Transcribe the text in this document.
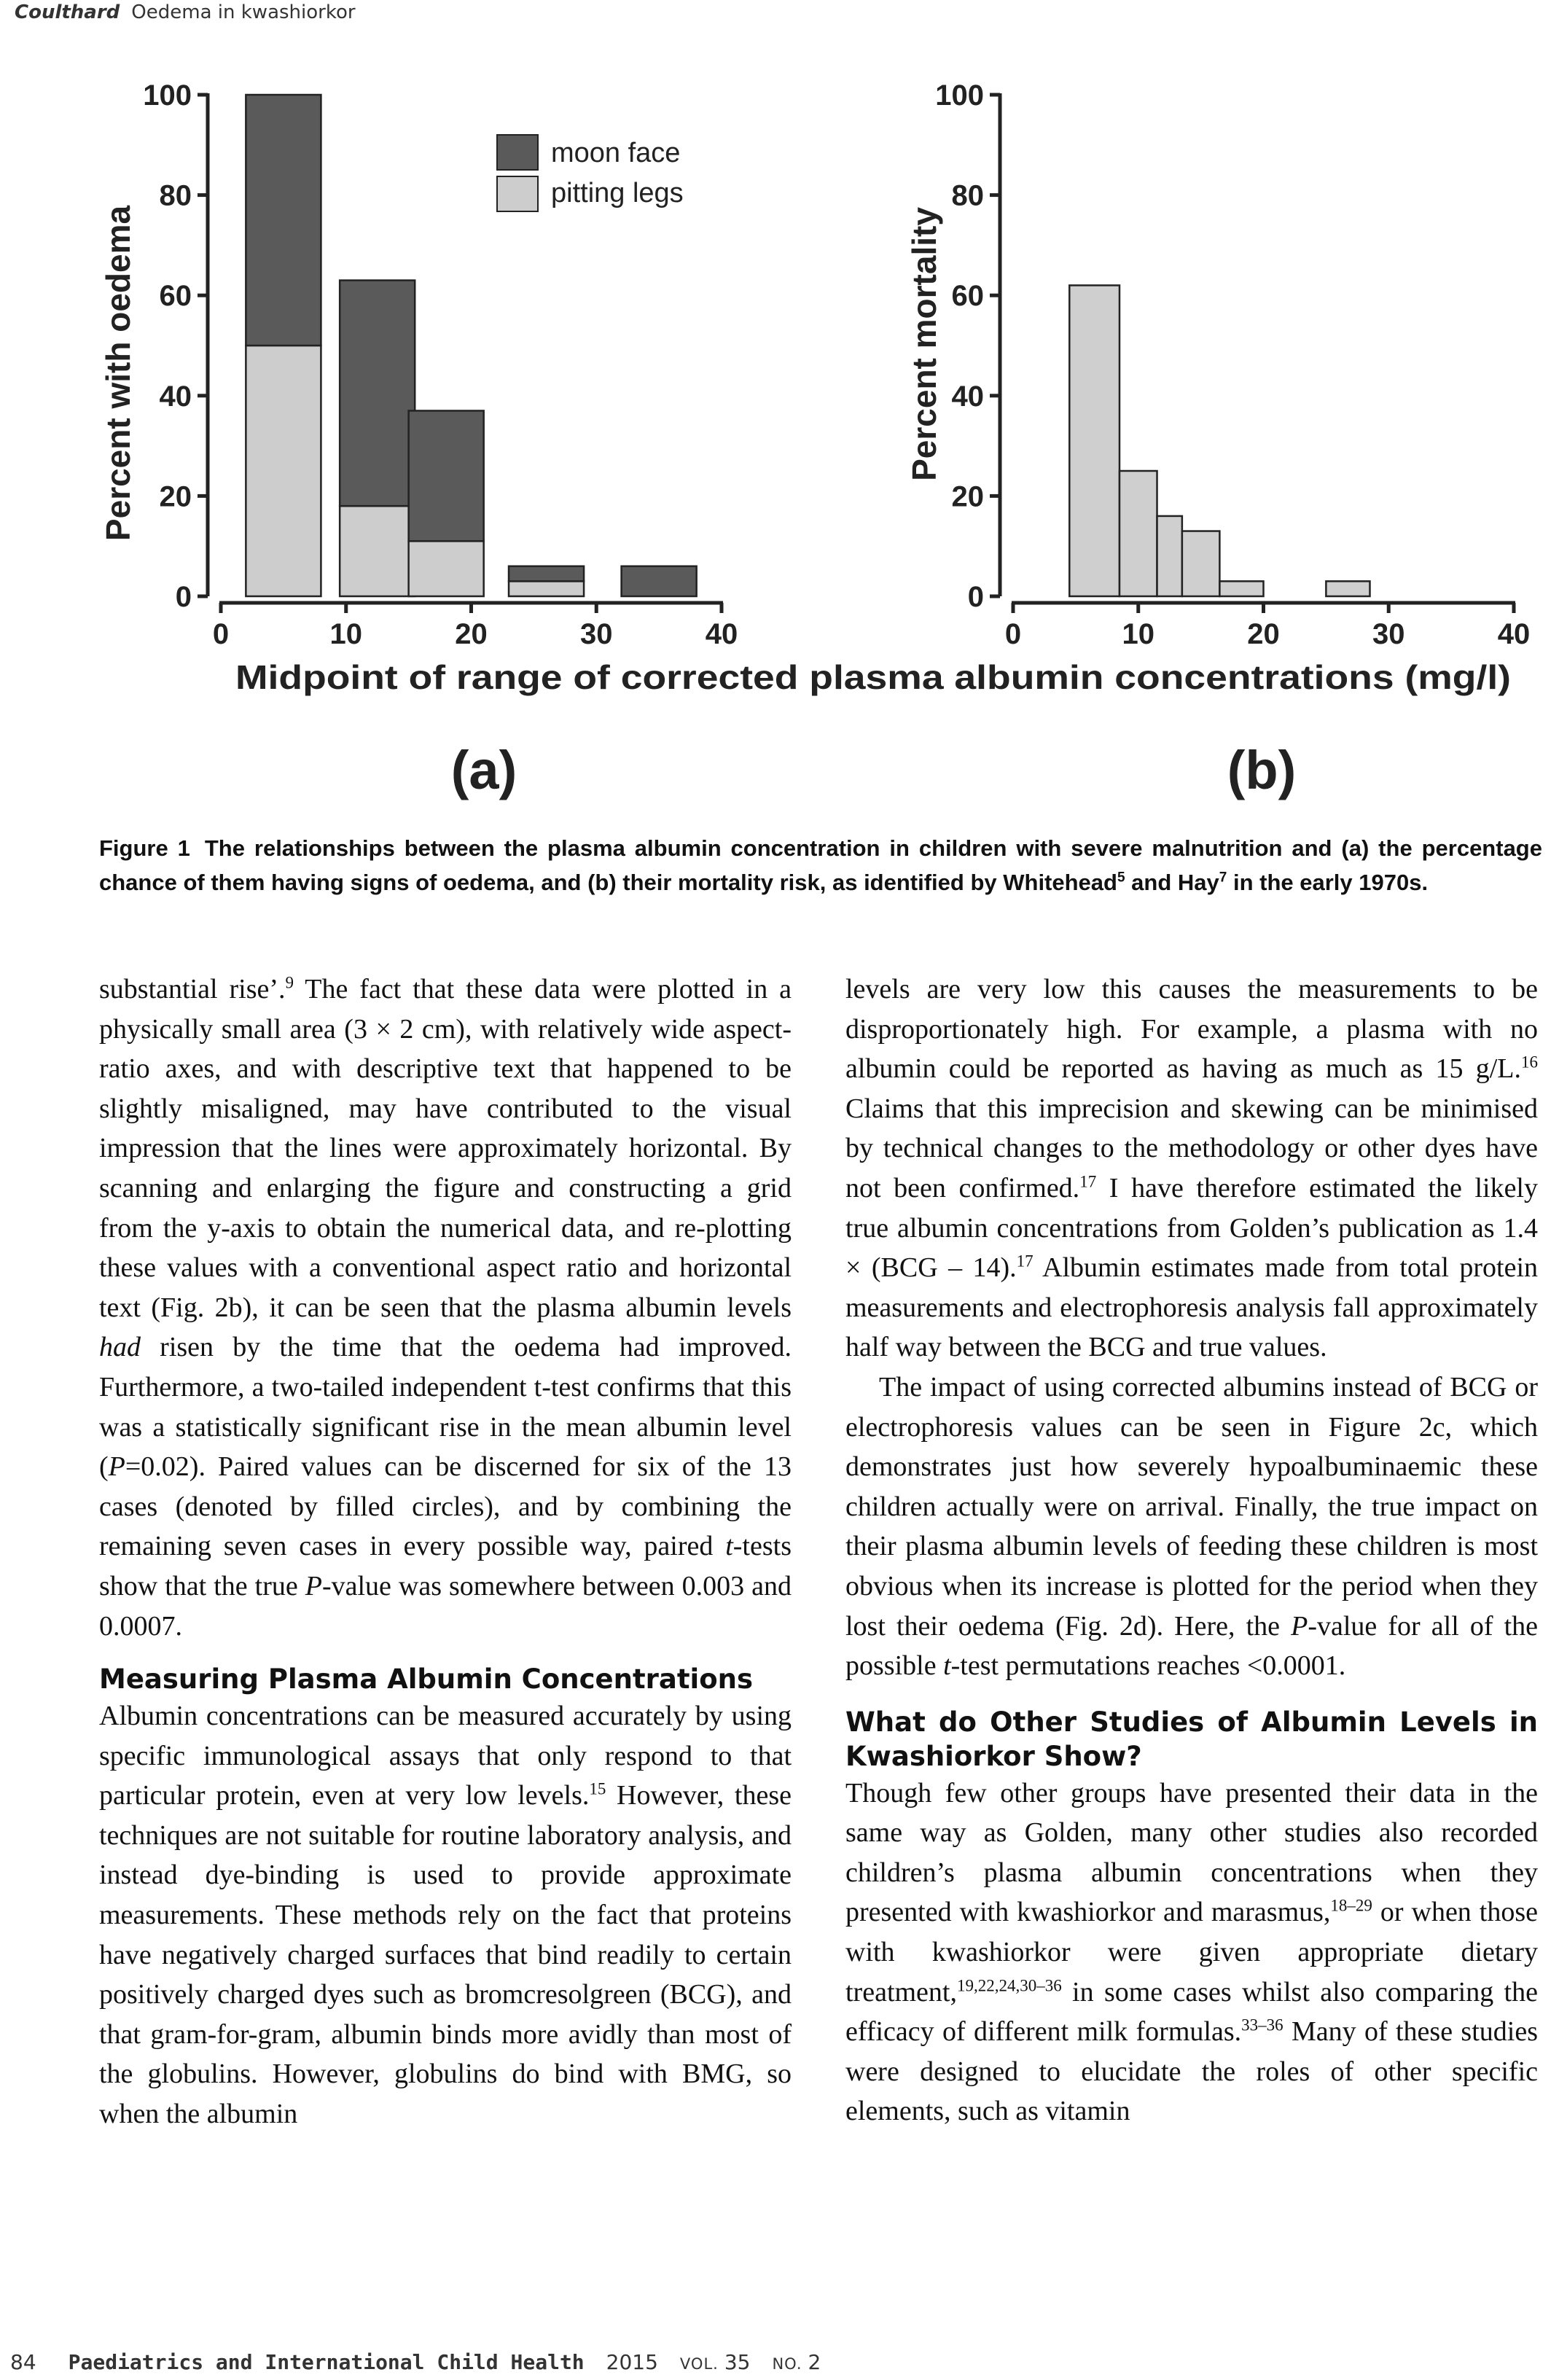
Coulthard Oedema in kwashiorkor
Percent with oedema
0
20
40
60
80
100
0	10	20	30	40
moon face
pitting legs
(a)
Percent mortality
0
20
40
60
80
100
0	10	20	30	40
(b)
Midpoint of range of corrected plasma albumin concentrations (mg/l)
Figure 1 The relationships between the plasma albumin concentration in children with severe malnutrition and (a) the percentage chance of them having signs of oedema, and (b) their mortality risk, as identified by Whitehead$^5$ and Hay$^7$ in the early 1970s.

substantial rise’.$^9$ The fact that these data were plotted in a physically small area (3 × 2 cm), with relatively wide aspect-ratio axes, and with descriptive text that happened to be slightly misaligned, may have contributed to the visual impression that the lines were approximately horizontal. By scanning and enlarging the figure and constructing a grid from the y-axis to obtain the numerical data, and re-plotting these values with a conventional aspect ratio and horizontal text (Fig. 2b), it can be seen that the plasma albumin levels had risen by the time that the oedema had improved. Furthermore, a two-tailed independent t-test confirms that this was a statistically significant rise in the mean albumin level (P=0.02). Paired values can be discerned for six of the 13 cases (denoted by filled circles), and by combining the remaining seven cases in every possible way, paired t-tests show that the true P-value was somewhere between 0.003 and 0.0007.

Measuring Plasma Albumin Concentrations

Albumin concentrations can be measured accurately by using specific immunological assays that only respond to that particular protein, even at very low levels.$^{15}$ However, these techniques are not suitable for routine laboratory analysis, and instead dye-binding is used to provide approximate measurements. These methods rely on the fact that proteins have negatively charged surfaces that bind readily to certain positively charged dyes such as bromcresolgreen (BCG), and that gram-for-gram, albumin binds more avidly than most of the globulins. However, globulins do bind with BMG, so when the albumin

levels are very low this causes the measurements to be disproportionately high. For example, a plasma with no albumin could be reported as having as much as 15 g/L.$^{16}$ Claims that this imprecision and skewing can be minimised by technical changes to the methodology or other dyes have not been confirmed.$^{17}$ I have therefore estimated the likely true albumin concentrations from Golden’s publication as 1.4 × (BCG – 14).$^{17}$ Albumin estimates made from total protein measurements and electrophoresis analysis fall approximately half way between the BCG and true values.

The impact of using corrected albumins instead of BCG or electrophoresis values can be seen in Figure 2c, which demonstrates just how severely hypoalbuminaemic these children actually were on arrival. Finally, the true impact on their plasma albumin levels of feeding these children is most obvious when its increase is plotted for the period when they lost their oedema (Fig. 2d). Here, the P-value for all of the possible t-test permutations reaches <0.0001.

What do Other Studies of Albumin Levels in Kwashiorkor Show?

Though few other groups have presented their data in the same way as Golden, many other studies also recorded children’s plasma albumin concentrations when they presented with kwashiorkor and marasmus,$^{18-29}$ or when those with kwashiorkor were given appropriate dietary treatment,$^{19,22,24,30-36}$ in some cases whilst also comparing the efficacy of different milk formulas.$^{33-36}$ Many of these studies were designed to elucidate the roles of other specific elements, such as vitamin

84 Paediatrics and International Child Health 2015 VOL. 35 NO. 2
